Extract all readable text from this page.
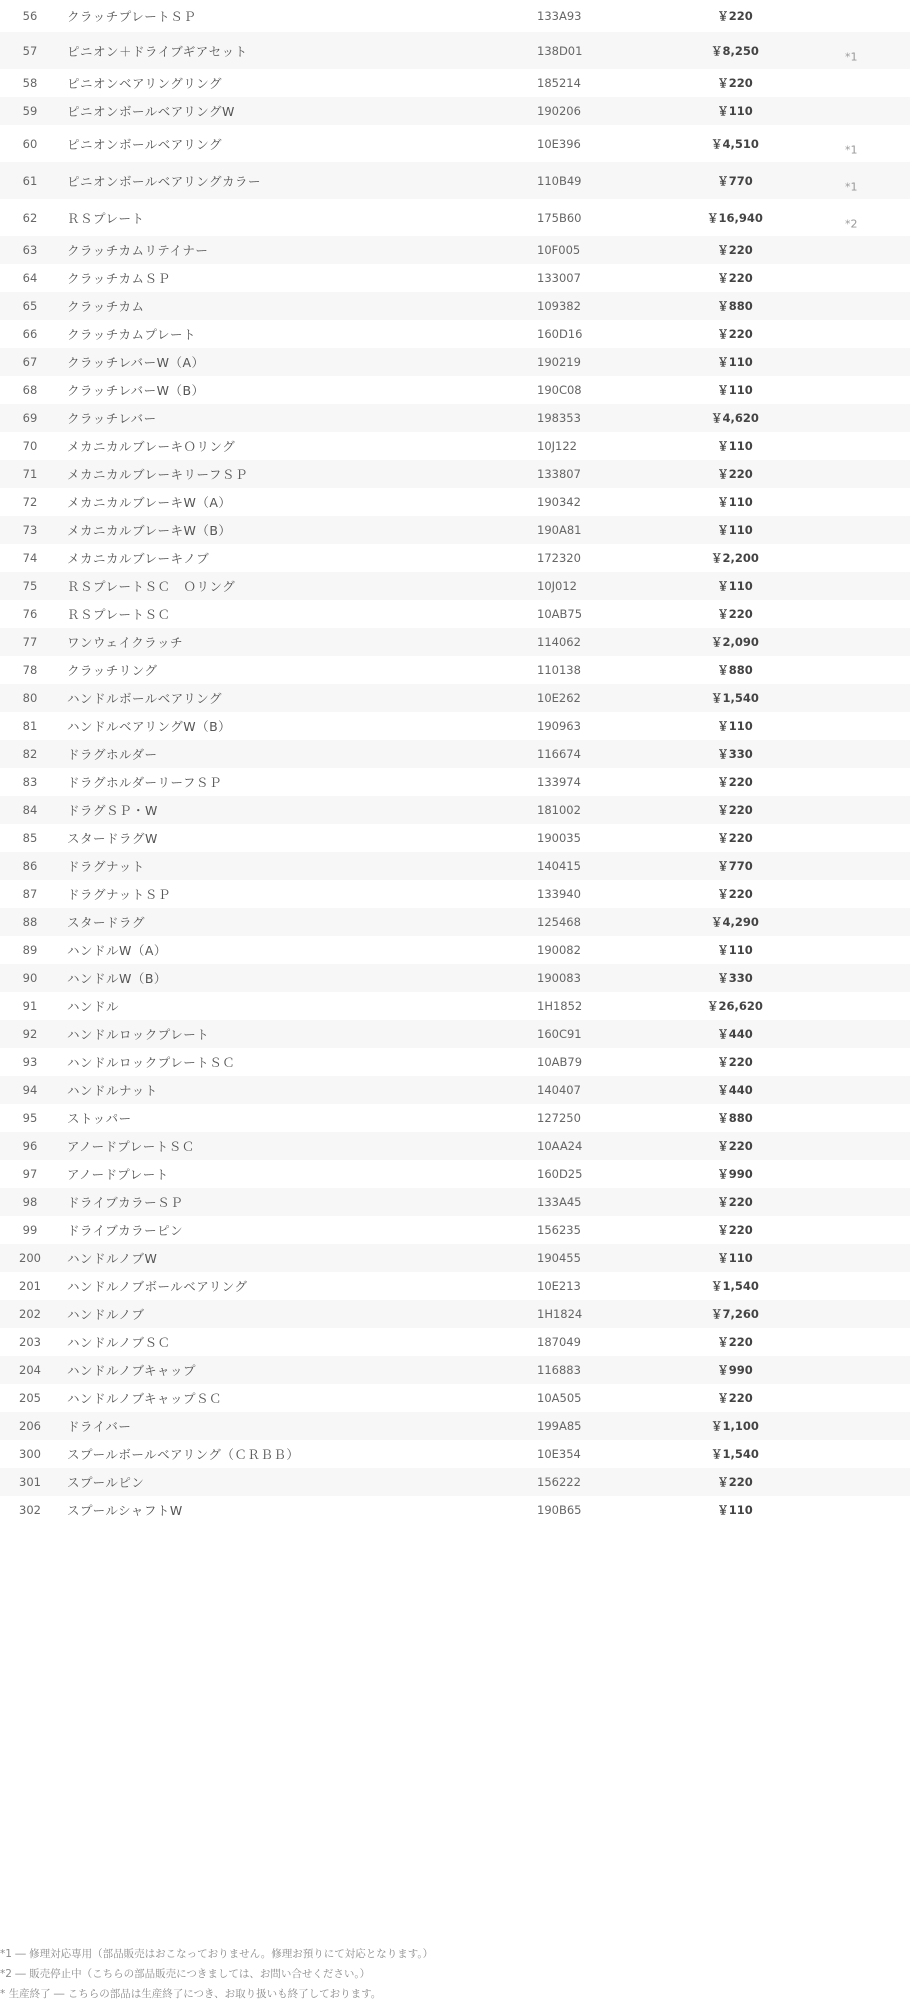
56	クラッチプレートＳＰ	133A93	￥220
57	ピニオン＋ドライブギアセット	138D01	￥8,250	*1
58	ピニオンベアリングリング	185214	￥220
59	ピニオンボールベアリングW	190206	￥110
60	ピニオンボールベアリング	10E396	￥4,510	*1
61	ピニオンボールベアリングカラー	110B49	￥770	*1
62	ＲＳプレート	175B60	￥16,940	*2
63	クラッチカムリテイナー	10F005	￥220
64	クラッチカムＳＰ	133007	￥220
65	クラッチカム	109382	￥880
66	クラッチカムプレート	160D16	￥220
67	クラッチレバーW（A）	190219	￥110
68	クラッチレバーW（B）	190C08	￥110
69	クラッチレバー	198353	￥4,620
70	メカニカルブレーキＯリング	10J122	￥110
71	メカニカルブレーキリーフＳＰ	133807	￥220
72	メカニカルブレーキW（A）	190342	￥110
73	メカニカルブレーキW（B）	190A81	￥110
74	メカニカルブレーキノブ	172320	￥2,200
75	ＲＳプレートＳＣ　Ｏリング	10J012	￥110
76	ＲＳプレートＳＣ	10AB75	￥220
77	ワンウェイクラッチ	114062	￥2,090
78	クラッチリング	110138	￥880
80	ハンドルボールベアリング	10E262	￥1,540
81	ハンドルベアリングW（B）	190963	￥110
82	ドラグホルダー	116674	￥330
83	ドラグホルダーリーフＳＰ	133974	￥220
84	ドラグＳＰ・W	181002	￥220
85	スタードラグW	190035	￥220
86	ドラグナット	140415	￥770
87	ドラグナットＳＰ	133940	￥220
88	スタードラグ	125468	￥4,290
89	ハンドルW（A）	190082	￥110
90	ハンドルW（B）	190083	￥330
91	ハンドル	1H1852	￥26,620
92	ハンドルロックプレート	160C91	￥440
93	ハンドルロックプレートＳＣ	10AB79	￥220
94	ハンドルナット	140407	￥440
95	ストッパー	127250	￥880
96	アノードプレートＳＣ	10AA24	￥220
97	アノードプレート	160D25	￥990
98	ドライブカラーＳＰ	133A45	￥220
99	ドライブカラーピン	156235	￥220
200	ハンドルノブW	190455	￥110
201	ハンドルノブボールベアリング	10E213	￥1,540
202	ハンドルノブ	1H1824	￥7,260
203	ハンドルノブＳＣ	187049	￥220
204	ハンドルノブキャップ	116883	￥990
205	ハンドルノブキャップＳＣ	10A505	￥220
206	ドライバー	199A85	￥1,100
300	スプールボールベアリング（ＣＲＢＢ）	10E354	￥1,540
301	スプールピン	156222	￥220
302	スプールシャフトW	190B65	￥110
*1 ― 修理対応専用（部品販売はおこなっておりません。修理お預りにて対応となります。）
*2 ― 販売停止中（こちらの部品販売につきましては、お問い合せください。）
* 生産終了 ― こちらの部品は生産終了につき、お取り扱いも終了しております。
